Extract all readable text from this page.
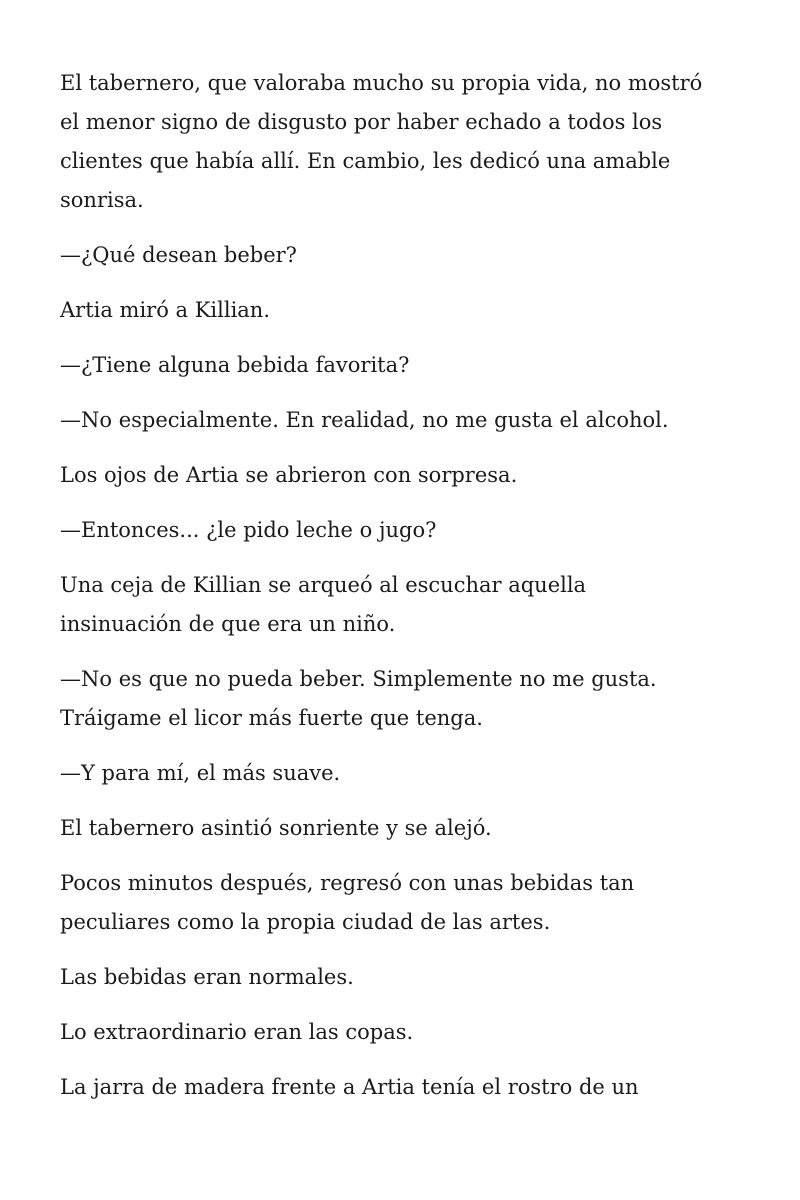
El tabernero, que valoraba mucho su propia vida, no mostró
el menor signo de disgusto por haber echado a todos los
clientes que había allí. En cambio, les dedicó una amable
sonrisa.

—¿Qué desean beber?

Artia miró a Killian.

—¿Tiene alguna bebida favorita?

—No especialmente. En realidad, no me gusta el alcohol.

Los ojos de Artia se abrieron con sorpresa.

—Entonces... ¿le pido leche o jugo?

Una ceja de Killian se arqueó al escuchar aquella
insinuación de que era un niño.

—No es que no pueda beber. Simplemente no me gusta.
Tráigame el licor más fuerte que tenga.

—Y para mí, el más suave.

El tabernero asintió sonriente y se alejó.

Pocos minutos después, regresó con unas bebidas tan
peculiares como la propia ciudad de las artes.

Las bebidas eran normales.

Lo extraordinario eran las copas.

La jarra de madera frente a Artia tenía el rostro de un
